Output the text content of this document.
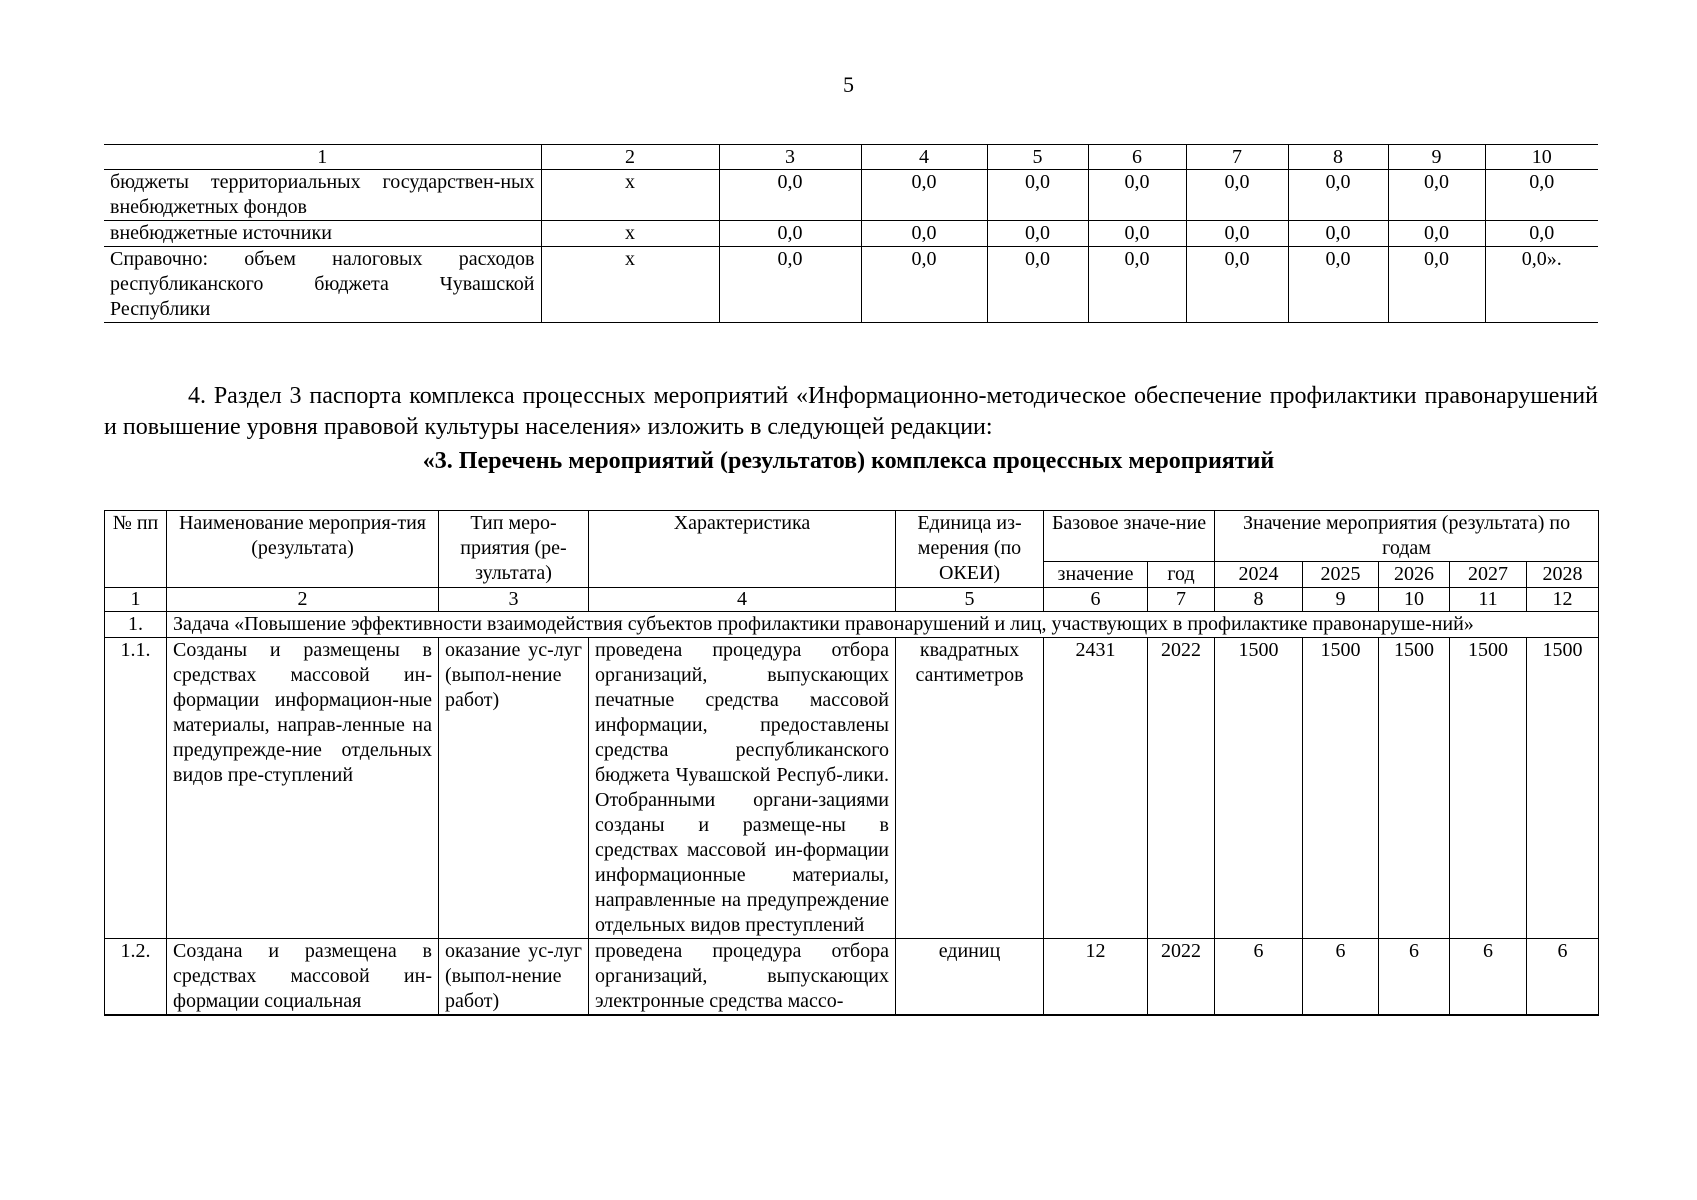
5
1	2	3	4	5	6	7	8	9	10
бюджеты территориальных государствен-ных внебюджетных фондов	х	0,0	0,0	0,0	0,0	0,0	0,0	0,0	0,0
внебюджетные источники	х	0,0	0,0	0,0	0,0	0,0	0,0	0,0	0,0
Справочно: объем налоговых расходов республиканского бюджета Чувашской Республики	х	0,0	0,0	0,0	0,0	0,0	0,0	0,0	0,0».

4. Раздел 3 паспорта комплекса процессных мероприятий «Информационно-методическое обеспечение профилактики правонарушений и повышение уровня правовой культуры населения» изложить в следующей редакции:

«3. Перечень мероприятий (результатов) комплекса процессных мероприятий
№ пп	Наименование мероприя-тия (результата)	Тип меро-приятия (ре-зультата)	Характеристика	Единица из-мерения (по ОКЕИ)	Базовое значе-ние		Значение мероприятия (результата) по годам				
					значение	год	2024	2025	2026	2027	2028
1	2	3	4	5	6	7	8	9	10	11	12
1.	Задача «Повышение эффективности взаимодействия субъектов профилактики правонарушений и лиц, участвующих в профилактике правонаруше-ний»										
1.1.	Созданы и размещены в средствах массовой ин-формации информацион-ные материалы, направ-ленные на предупрежде-ние отдельных видов пре-ступлений	оказание ус-луг (выпол-нение работ)	проведена процедура отбора организаций, выпускающих печатные средства массовой информации, предоставлены средства республиканского бюджета Чувашской Респуб-лики. Отобранными органи-зациями созданы и размеще-ны в средствах массовой ин-формации информационные материалы, направленные на предупреждение отдельных видов преступлений	квадратных сантиметров	2431	2022	1500	1500	1500	1500	1500
1.2.	Создана и размещена в средствах массовой ин-формации социальная	оказание ус-луг (выпол-нение работ)	проведена процедура отбора организаций, выпускающих электронные средства массо-	единиц	12	2022	6	6	6	6	6
